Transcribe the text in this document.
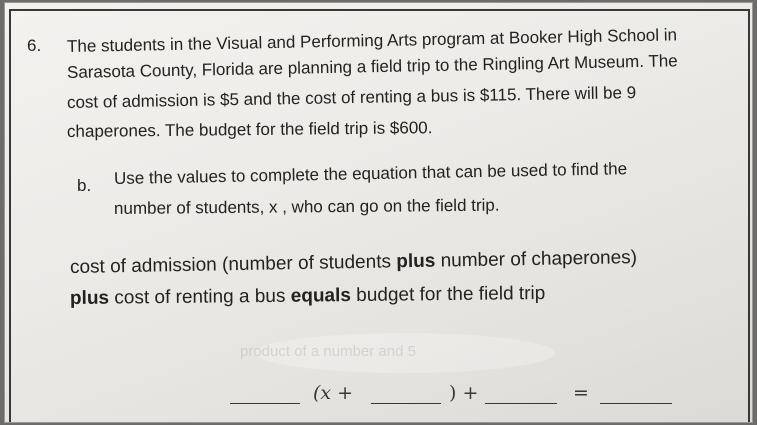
product of a number and 5
6. The students in the Visual and Performing Arts program at Booker High School in
Sarasota County, Florida are planning a field trip to the Ringling Art Museum. The
cost of admission is $5 and the cost of renting a bus is $115. There will be 9
chaperones. The budget for the field trip is $600.
b. Use the values to complete the equation that can be used to find the
number of students, x , who can go on the field trip.
cost of admission (number of students plus number of chaperones)
plus cost of renting a bus equals budget for the field trip
(x +	) +	=
